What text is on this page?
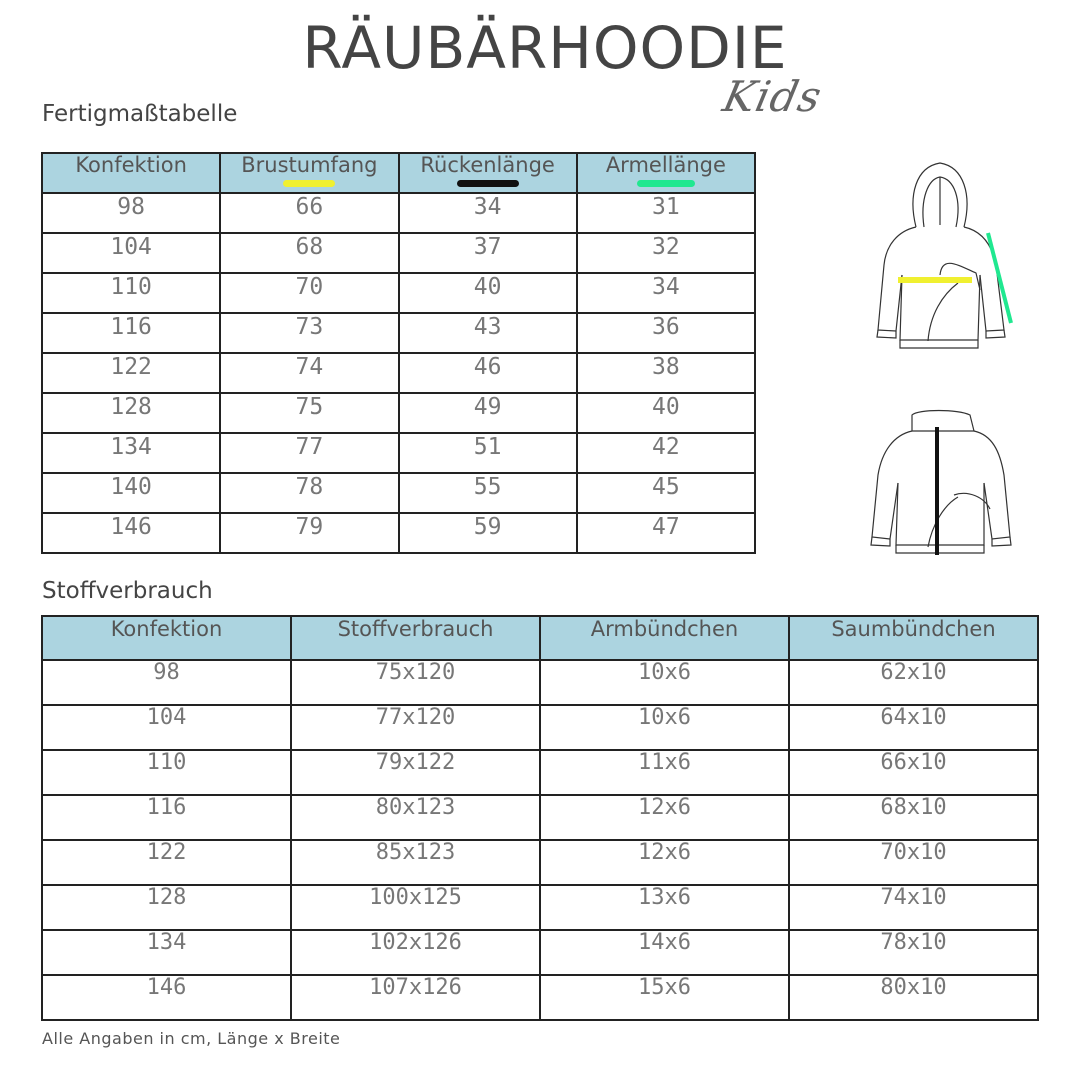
RÄUBÄRHOODIE
Kids
Fertigmaßtabelle
Konfektion	Brustumfang	Rückenlänge	Armellänge

98	66	34	31
104	68	37	32
110	70	40	34
116	73	43	36
122	74	46	38
128	75	49	40
134	77	51	42
140	78	55	45
146	79	59	47
Stoffverbrauch
Konfektion	Stoffverbrauch	Armbündchen	Saumbündchen
98	75x120	10x6	62x10
104	77x120	10x6	64x10
110	79x122	11x6	66x10
116	80x123	12x6	68x10
122	85x123	12x6	70x10
128	100x125	13x6	74x10
134	102x126	14x6	78x10
146	107x126	15x6	80x10
Alle Angaben in cm, Länge x Breite
